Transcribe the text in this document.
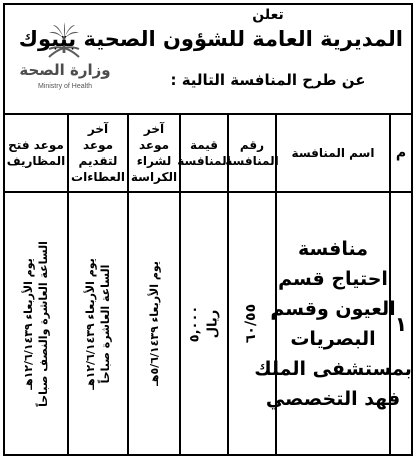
وزارة الصحة
Ministry of Health
تعلن
المديرية العامة للشؤون الصحية بتبوك
عن طرح المنافسة التالية :
م
اسم المنافسة
رقم المنافسة
قيمة المنافسة
آخر موعد لشراء الكراسة
آخر موعد لتقديم العطاءات
موعد فتح المظاريف
١
منافسة
احتياج قسم
العيون وقسم
البصريات
بمستشفى الملك
فهد التخصصي
٦٠/٥٥
٥,٠٠٠ ريال
يوم الأربعاء ٥/٦/١٤٣٩هـ
يوم الأربعاء ١٢/٦/١٤٣٩هـ الساعة العاشرة صباحاً
يوم الأربعاء ١٢/٦/١٤٣٩هـ الساعة العاشرة والنصف صباحاً
